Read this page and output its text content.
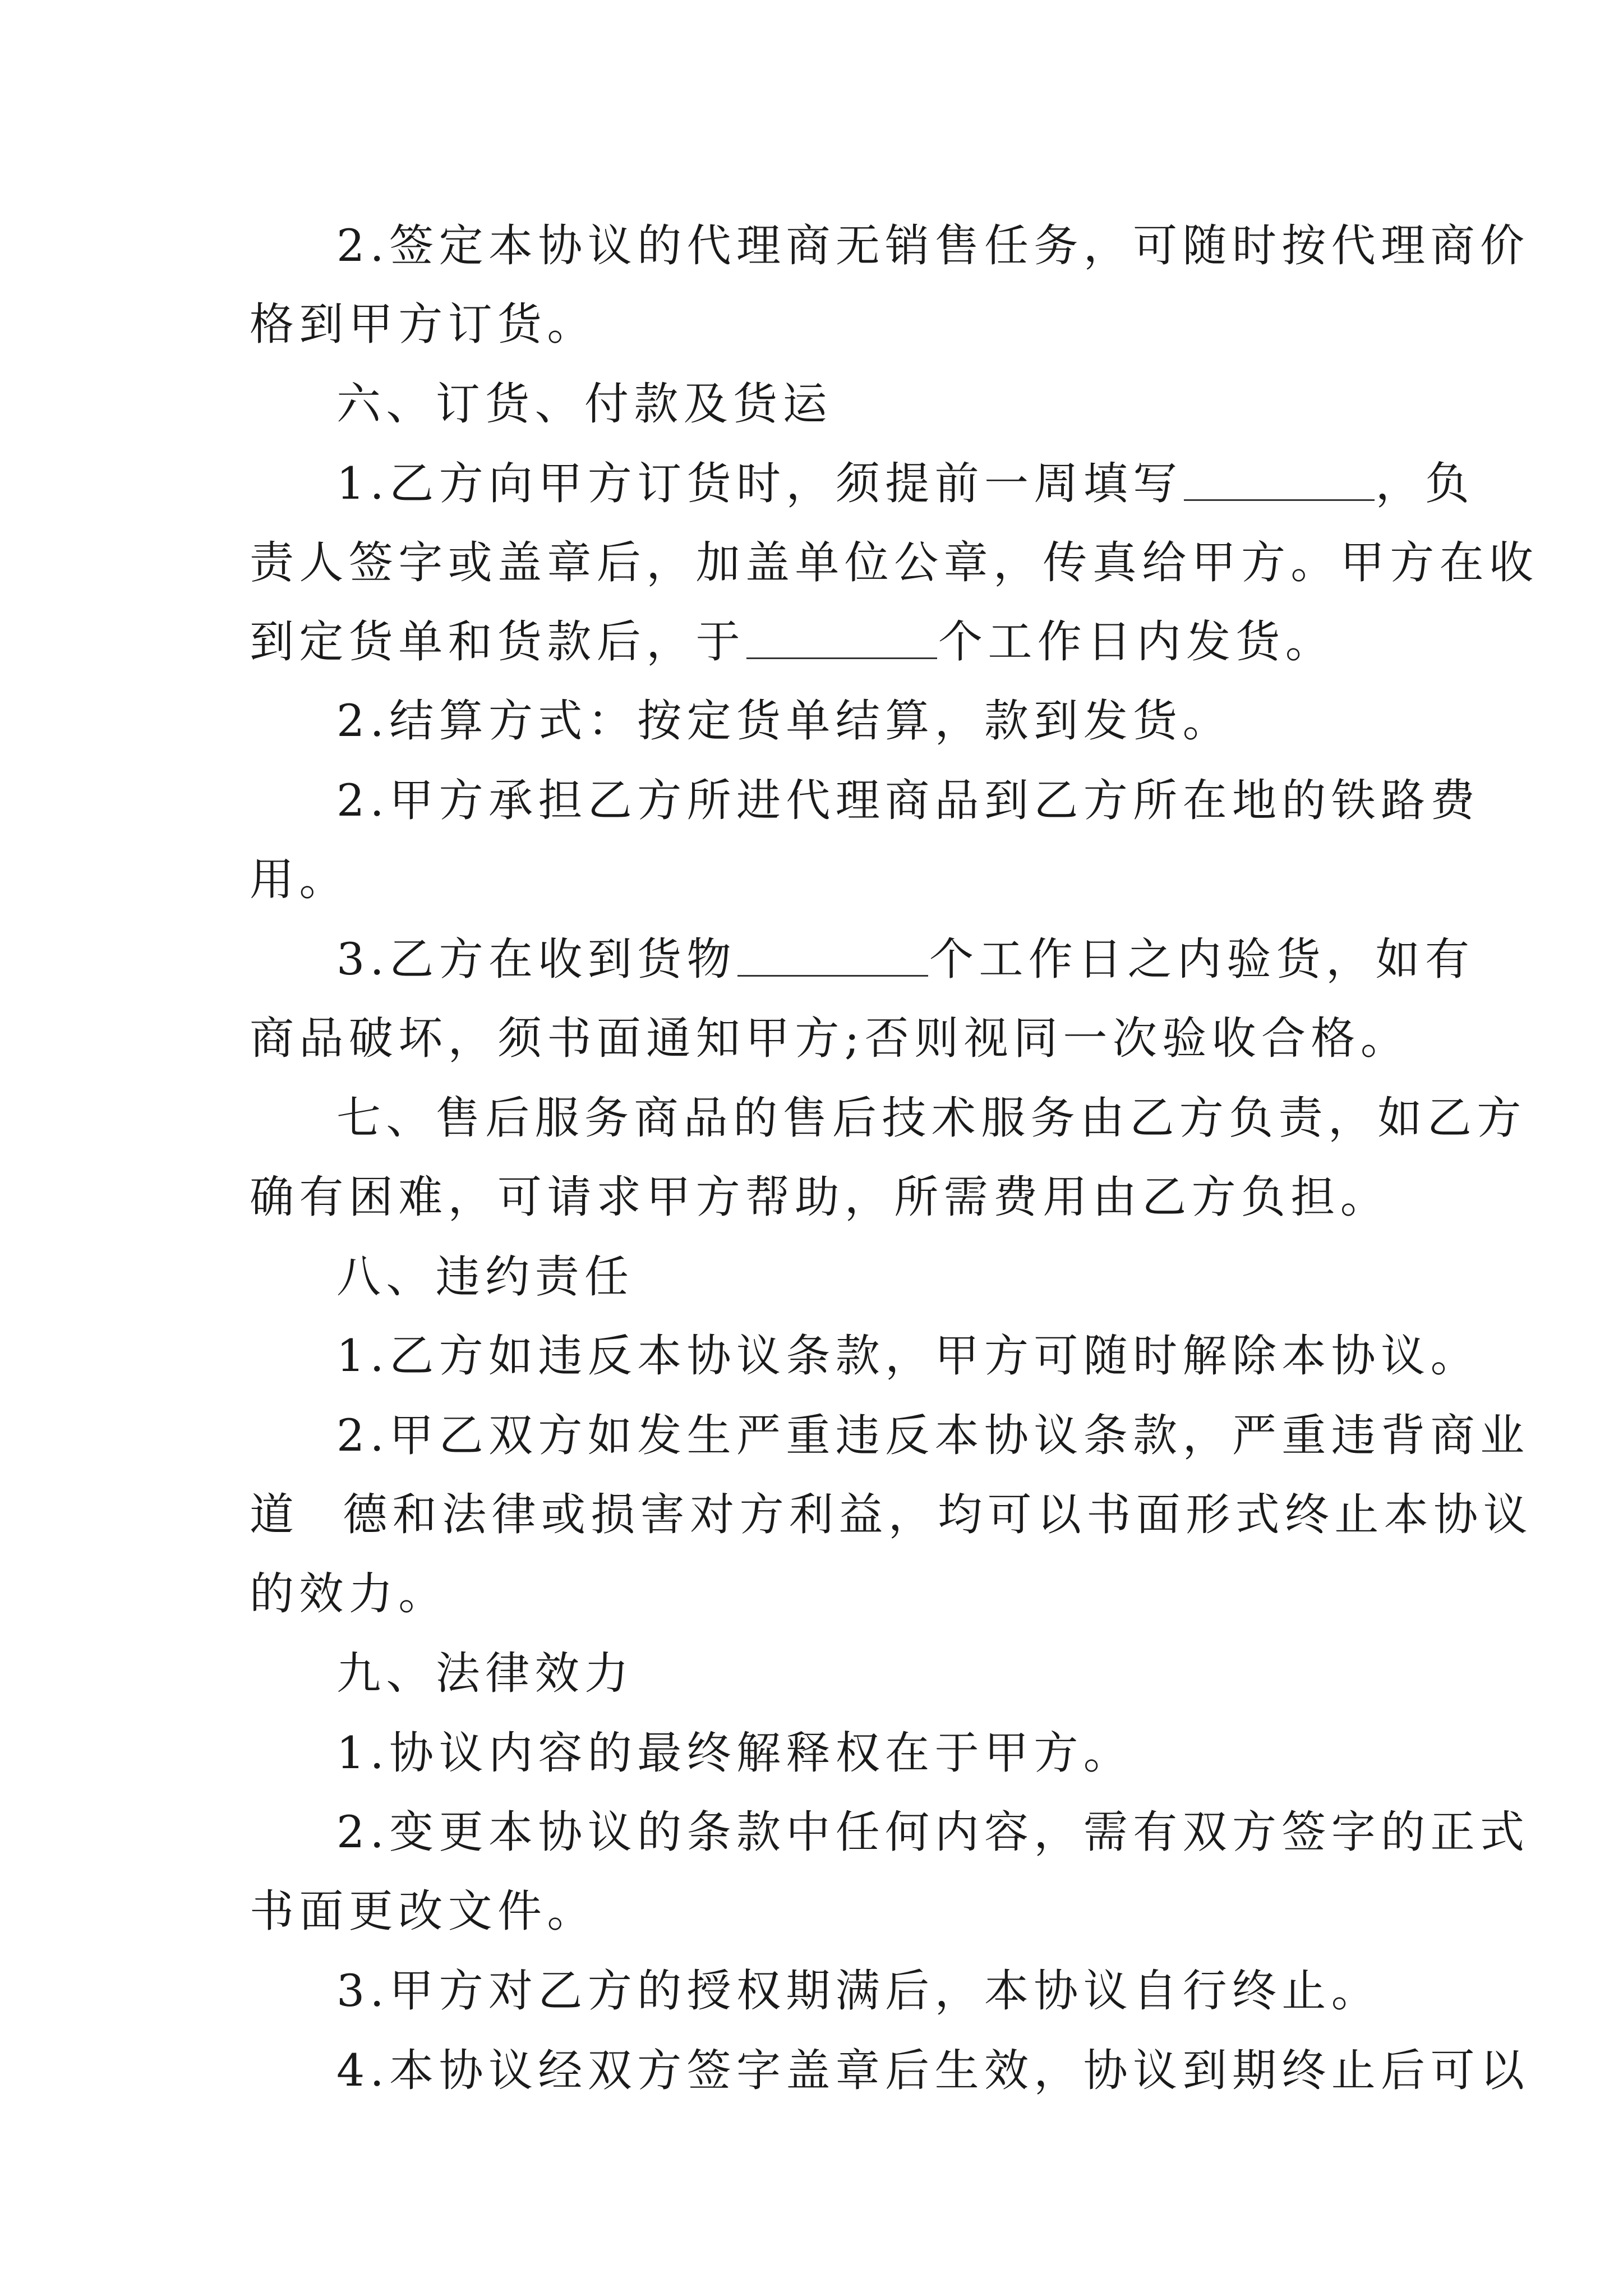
2.签定本协议的代理商无销售任务，可随时按代理商价
格到甲方订货。
六、订货、付款及货运
1.乙方向甲方订货时，须提前一周填写	，负
责人签字或盖章后，加盖单位公章，传真给甲方。甲方在收
到定货单和货款后，于	个工作日内发货。
2.结算方式：按定货单结算，款到发货。
2.甲方承担乙方所进代理商品到乙方所在地的铁路费
用。
3.乙方在收到货物	个工作日之内验货，如有
商品破坏，须书面通知甲方;否则视同一次验收合格。
七、售后服务商品的售后技术服务由乙方负责，如乙方
确有困难，可请求甲方帮助，所需费用由乙方负担。
八、违约责任
1.乙方如违反本协议条款，甲方可随时解除本协议。
2.甲乙双方如发生严重违反本协议条款，严重违背商业
道 德和法律或损害对方利益，均可以书面形式终止本协议
的效力。
九、法律效力
1.协议内容的最终解释权在于甲方。
2.变更本协议的条款中任何内容，需有双方签字的正式
书面更改文件。
3.甲方对乙方的授权期满后，本协议自行终止。
4.本协议经双方签字盖章后生效，协议到期终止后可以
